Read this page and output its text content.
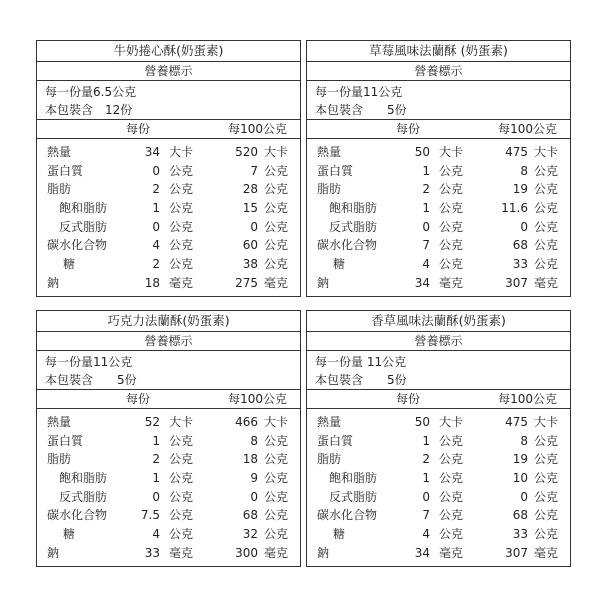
牛奶捲心酥(奶蛋素)
營養標示
每一份量6.5公克
本包裝含　12份
每份	每100公克
熱量	34 大卡	520 大卡
蛋白質	0 公克	7 公克
脂肪	2 公克	28 公克
飽和脂肪	1 公克	15 公克
反式脂肪	0 公克	0 公克
碳水化合物	4 公克	60 公克
糖	2 公克	38 公克
鈉	18 毫克	275 毫克
草莓風味法蘭酥 (奶蛋素)
營養標示
每一份量11公克
本包裝含　　5份
每份	每100公克
熱量	50 大卡	475 大卡
蛋白質	1 公克	8 公克
脂肪	2 公克	19 公克
飽和脂肪	1 公克	11.6 公克
反式脂肪	0 公克	0 公克
碳水化合物	7 公克	68 公克
糖	4 公克	33 公克
鈉	34 毫克	307 毫克
巧克力法蘭酥(奶蛋素)
營養標示
每一份量11公克
本包裝含　　5份
每份	每100公克
熱量	52 大卡	466 大卡
蛋白質	1 公克	8 公克
脂肪	2 公克	18 公克
飽和脂肪	1 公克	9 公克
反式脂肪	0 公克	0 公克
碳水化合物	7.5 公克	68 公克
糖	4 公克	32 公克
鈉	33 毫克	300 毫克
香草風味法蘭酥(奶蛋素)
營養標示
每一份量 11公克
本包裝含　　5份
每份	每100公克
熱量	50 大卡	475 大卡
蛋白質	1 公克	8 公克
脂肪	2 公克	19 公克
飽和脂肪	1 公克	10 公克
反式脂肪	0 公克	0 公克
碳水化合物	7 公克	68 公克
糖	4 公克	33 公克
鈉	34 毫克	307 毫克
